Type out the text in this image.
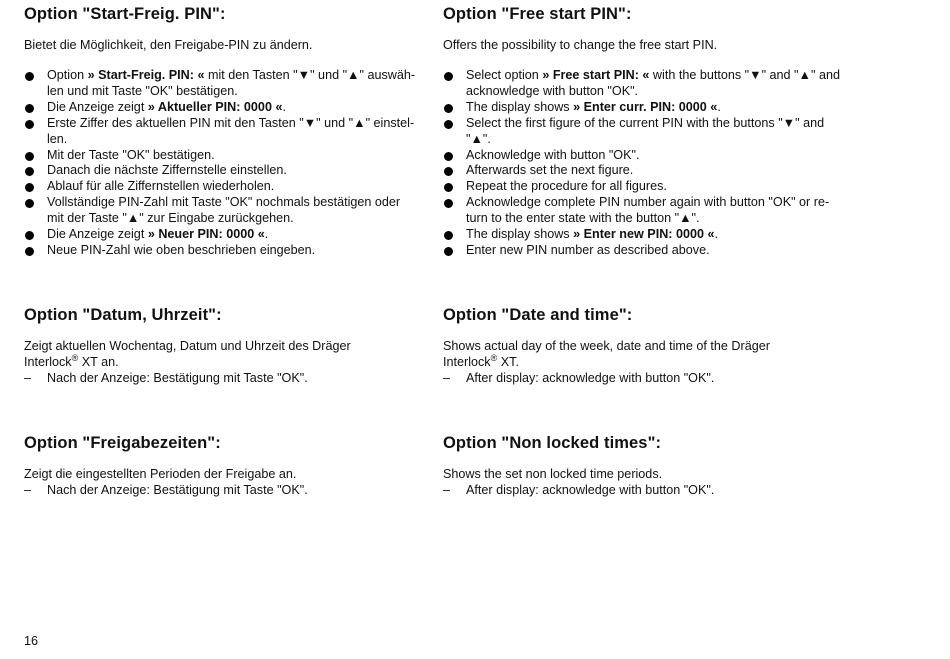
Option "Start-Freig. PIN":

Bietet die Möglichkeit, den Freigabe-PIN zu ändern.

Option » Start-Freig. PIN: « mit den Tasten "▼" und "▲" auswäh-
len und mit Taste "OK" bestätigen.
Die Anzeige zeigt » Aktueller PIN: 0000 «.
Erste Ziffer des aktuellen PIN mit den Tasten "▼" und "▲" einstel-
len.
Mit der Taste "OK" bestätigen.
Danach die nächste Ziffernstelle einstellen.
Ablauf für alle Ziffernstellen wiederholen.
Vollständige PIN-Zahl mit Taste "OK" nochmals bestätigen oder
mit der Taste "▲" zur Eingabe zurückgehen.
Die Anzeige zeigt » Neuer PIN: 0000 «.
Neue PIN-Zahl wie oben beschrieben eingeben.
Option "Datum, Uhrzeit":

Zeigt aktuellen Wochentag, Datum und Uhrzeit des Dräger
Interlock® XT an.

– Nach der Anzeige: Bestätigung mit Taste "OK".
Option "Freigabezeiten":

Zeigt die eingestellten Perioden der Freigabe an.

– Nach der Anzeige: Bestätigung mit Taste "OK".
Option "Free start PIN":

Offers the possibility to change the free start PIN.

Select option » Free start PIN: « with the buttons "▼" and "▲" and
acknowledge with button "OK".
The display shows » Enter curr. PIN: 0000 «.
Select the first figure of the current PIN with the buttons "▼" and
"▲".
Acknowledge with button "OK".
Afterwards set the next figure.
Repeat the procedure for all figures.
Acknowledge complete PIN number again with button "OK" or re-
turn to the enter state with the button "▲".
The display shows » Enter new PIN: 0000 «.
Enter new PIN number as described above.
Option "Date and time":

Shows actual day of the week, date and time of the Dräger
Interlock® XT.

– After display: acknowledge with button "OK".
Option "Non locked times":

Shows the set non locked time periods.

– After display: acknowledge with button "OK".
16
